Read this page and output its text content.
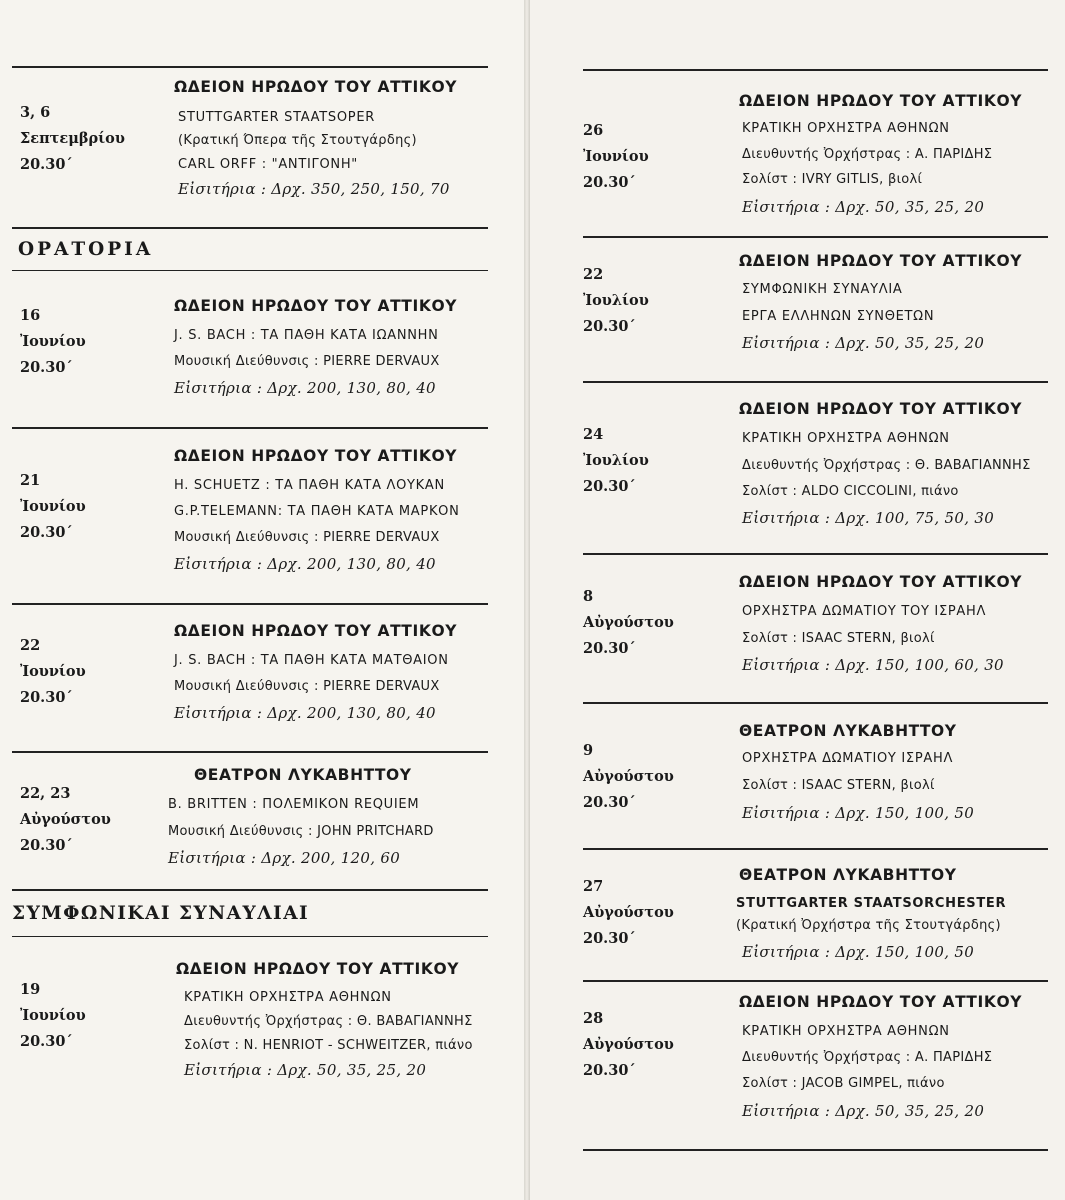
3, 6
Σεπτεμβρίου
20.30΄
ΩΔΕΙΟΝ ΗΡΩΔΟΥ ΤΟΥ ΑΤΤΙΚΟΥ
STUTTGARTER STAATSOPER
(Κρατική Όπερα τῆς Στουτγάρδης)
CARL ORFF : "ANTIΓONH"
Εἰσιτήρια : Δρχ. 350, 250, 150, 70
ΟΡΑΤΟΡΙΑ
16
Ἰουνίου
20.30΄
ΩΔΕΙΟΝ ΗΡΩΔΟΥ ΤΟΥ ΑΤΤΙΚΟΥ
J. S. BACH : ΤΑ ΠΑΘΗ ΚΑΤΑ ΙΩΑΝΝΗΝ
Μουσική Διεύθυνσις : PIERRE DERVAUX
Εἰσιτήρια : Δρχ. 200, 130, 80, 40
21
Ἰουνίου
20.30΄
ΩΔΕΙΟΝ ΗΡΩΔΟΥ ΤΟΥ ΑΤΤΙΚΟΥ
H. SCHUETZ : ΤΑ ΠΑΘΗ ΚΑΤΑ ΛΟΥΚΑΝ
G.P.TELEMANN: ΤΑ ΠΑΘΗ ΚΑΤΑ ΜΑΡΚΟΝ
Μουσική Διεύθυνσις : PIERRE DERVAUX
Εἰσιτήρια : Δρχ. 200, 130, 80, 40
22
Ἰουνίου
20.30΄
ΩΔΕΙΟΝ ΗΡΩΔΟΥ ΤΟΥ ΑΤΤΙΚΟΥ
J. S. BACH : ΤΑ ΠΑΘΗ ΚΑΤΑ ΜΑΤΘΑΙΟΝ
Μουσική Διεύθυνσις : PIERRE DERVAUX
Εἰσιτήρια : Δρχ. 200, 130, 80, 40
22, 23
Αὐγούστου
20.30΄
ΘΕΑΤΡΟΝ ΛΥΚΑΒΗΤΤΟΥ
B. BRITTEN : ΠΟΛΕΜΙΚΟΝ REQUIEM
Μουσική Διεύθυνσις : JOHN PRITCHARD
Εἰσιτήρια : Δρχ. 200, 120, 60
ΣΥΜΦΩΝΙΚΑΙ ΣΥΝΑΥΛΙΑΙ
19
Ἰουνίου
20.30΄
ΩΔΕΙΟΝ ΗΡΩΔΟΥ ΤΟΥ ΑΤΤΙΚΟΥ
ΚΡΑΤΙΚΗ ΟΡΧΗΣΤΡΑ ΑΘΗΝΩΝ
Διευθυντής Ὀρχήστρας : Θ. ΒΑΒΑΓΙΑΝΝΗΣ
Σολίστ : N. HENRIOT - SCHWEITZER, πιάνο
Εἰσιτήρια : Δρχ. 50, 35, 25, 20
26
Ἰουνίου
20.30΄
ΩΔΕΙΟΝ ΗΡΩΔΟΥ ΤΟΥ ΑΤΤΙΚΟΥ
ΚΡΑΤΙΚΗ ΟΡΧΗΣΤΡΑ ΑΘΗΝΩΝ
Διευθυντής Ὀρχήστρας : Α. ΠΑΡΙΔΗΣ
Σολίστ : IVRY GITLIS, βιολί
Εἰσιτήρια : Δρχ. 50, 35, 25, 20
22
Ἰουλίου
20.30΄
ΩΔΕΙΟΝ ΗΡΩΔΟΥ ΤΟΥ ΑΤΤΙΚΟΥ
ΣΥΜΦΩΝΙΚΗ ΣΥΝΑΥΛΙΑ
ΕΡΓΑ ΕΛΛΗΝΩΝ ΣΥΝΘΕΤΩΝ
Εἰσιτήρια : Δρχ. 50, 35, 25, 20
24
Ἰουλίου
20.30΄
ΩΔΕΙΟΝ ΗΡΩΔΟΥ ΤΟΥ ΑΤΤΙΚΟΥ
ΚΡΑΤΙΚΗ ΟΡΧΗΣΤΡΑ ΑΘΗΝΩΝ
Διευθυντής Ὀρχήστρας : Θ. ΒΑΒΑΓΙΑΝΝΗΣ
Σολίστ : ALDO CICCOLINI, πιάνο
Εἰσιτήρια : Δρχ. 100, 75, 50, 30
8
Αὐγούστου
20.30΄
ΩΔΕΙΟΝ ΗΡΩΔΟΥ ΤΟΥ ΑΤΤΙΚΟΥ
ΟΡΧΗΣΤΡΑ ΔΩΜΑΤΙΟΥ ΤΟΥ ΙΣΡΑΗΛ
Σολίστ : ISAAC STERN, βιολί
Εἰσιτήρια : Δρχ. 150, 100, 60, 30
9
Αὐγούστου
20.30΄
ΘΕΑΤΡΟΝ ΛΥΚΑΒΗΤΤΟΥ
ΟΡΧΗΣΤΡΑ ΔΩΜΑΤΙΟΥ ΙΣΡΑΗΛ
Σολίστ : ISAAC STERN, βιολί
Εἰσιτήρια : Δρχ. 150, 100, 50
27
Αὐγούστου
20.30΄
ΘΕΑΤΡΟΝ ΛΥΚΑΒΗΤΤΟΥ
STUTTGARTER STAATSORCHESTER
(Κρατική Ὀρχήστρα τῆς Στουτγάρδης)
Εἰσιτήρια : Δρχ. 150, 100, 50
28
Αὐγούστου
20.30΄
ΩΔΕΙΟΝ ΗΡΩΔΟΥ ΤΟΥ ΑΤΤΙΚΟΥ
ΚΡΑΤΙΚΗ ΟΡΧΗΣΤΡΑ ΑΘΗΝΩΝ
Διευθυντής Ὀρχήστρας : Α. ΠΑΡΙΔΗΣ
Σολίστ : JACOB GIMPEL, πιάνο
Εἰσιτήρια : Δρχ. 50, 35, 25, 20
